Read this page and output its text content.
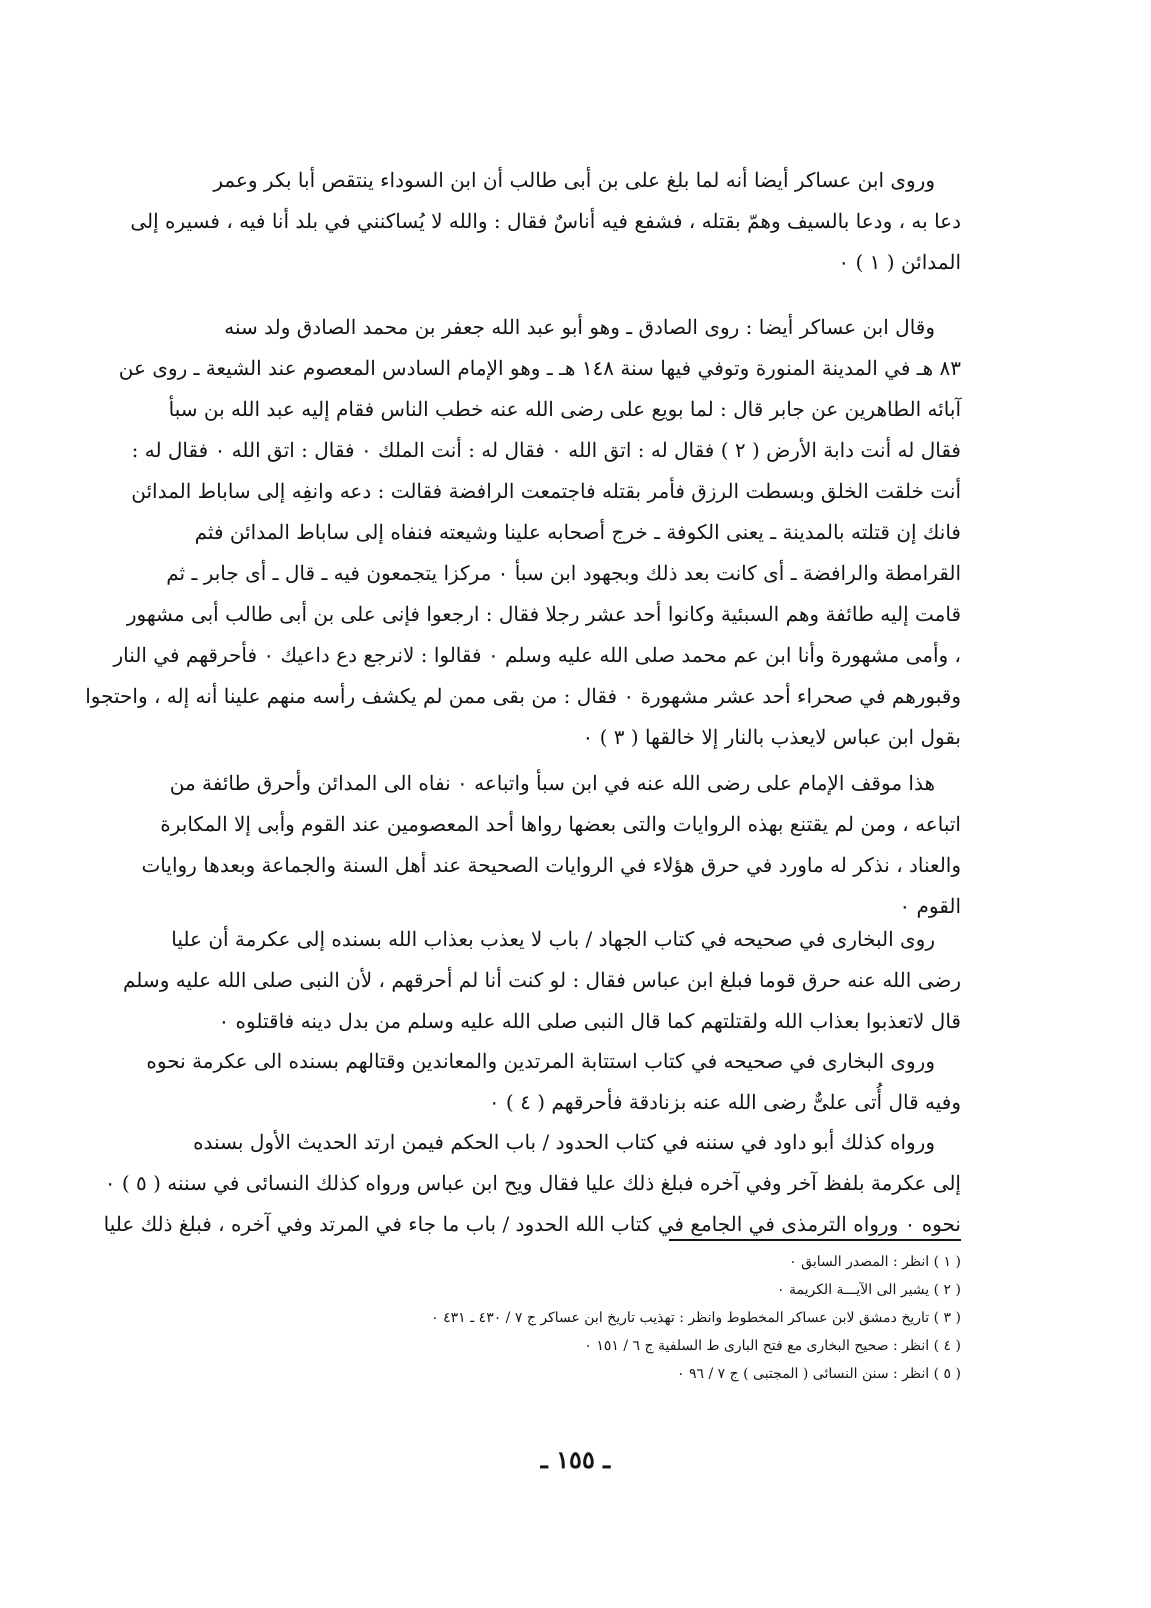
وروى ابن عساكر أيضا أنه لما بلغ على بن أبى طالب أن ابن السوداء ينتقص أبا بكر وعمر
دعا به ، ودعا بالسيف وهمّ بقتله ، فشفع فيه أناسٌ فقال : والله لا يُساكنني في بلد أنا فيه ، فسيره إلى
المدائن ( ١ ) ٠
وقال ابن عساكر أيضا : روى الصادق ـ وهو أبو عبد الله جعفر بن محمد الصادق ولد سنه
٨٣ هـ في المدينة المنورة وتوفي فيها سنة ١٤٨ هـ ـ وهو الإمام السادس المعصوم عند الشيعة ـ روى عن
آبائه الطاهرين عن جابر قال : لما بويع على رضى الله عنه خطب الناس فقام إليه عبد الله بن سبأ
فقال له أنت دابة الأرض ( ٢ ) فقال له : اتق الله ٠ فقال له : أنت الملك ٠ فقال : اتق الله ٠ فقال له :
أنت خلقت الخلق وبسطت الرزق فأمر بقتله فاجتمعت الرافضة فقالت : دعه وانفِه إلى ساباط المدائن
فانك إن قتلته بالمدينة ـ يعنى الكوفة ـ خرج أصحابه علينا وشيعته فنفاه إلى ساباط المدائن فثم
القرامطة والرافضة ـ أى كانت بعد ذلك وبجهود ابن سبأ ٠ مركزا يتجمعون فيه ـ قال ـ أى جابر ـ ثم
قامت إليه طائفة وهم السبئية وكانوا أحد عشر رجلا فقال : ارجعوا فإنى على بن أبى طالب أبى مشهور
، وأمى مشهورة وأنا ابن عم محمد صلى الله عليه وسلم ٠ فقالوا : لانرجع دع داعيك ٠ فأحرقهم في النار
وقبورهم في صحراء أحد عشر مشهورة ٠ فقال : من بقى ممن لم يكشف رأسه منهم علينا أنه إله ، واحتجوا
بقول ابن عباس لايعذب بالنار إلا خالقها ( ٣ ) ٠
هذا موقف الإمام على رضى الله عنه في ابن سبأ واتباعه ٠ نفاه الى المدائن وأحرق طائفة من
اتباعه ، ومن لم يقتنع بهذه الروايات والتى بعضها رواها أحد المعصومين عند القوم وأبى إلا المكابرة
والعناد ، نذكر له ماورد في حرق هؤلاء في الروايات الصحيحة عند أهل السنة والجماعة وبعدها روايات
القوم ٠
روى البخارى في صحيحه في كتاب الجهاد / باب لا يعذب بعذاب الله بسنده إلى عكرمة أن عليا
رضى الله عنه حرق قوما فبلغ ابن عباس فقال : لو كنت أنا لم أحرقهم ، لأن النبى صلى الله عليه وسلم
قال لاتعذبوا بعذاب الله ولقتلتهم كما قال النبى صلى الله عليه وسلم من بدل دينه فاقتلوه ٠
وروى البخارى في صحيحه في كتاب استتابة المرتدين والمعاندين وقتالهم بسنده الى عكرمة نحوه
وفيه قال أُتى علىٌّ رضى الله عنه بزنادقة فأحرقهم ( ٤ ) ٠
ورواه كذلك أبو داود في سننه في كتاب الحدود / باب الحكم فيمن ارتد الحديث الأول بسنده
إلى عكرمة بلفظ آخر وفي آخره فبلغ ذلك عليا فقال ويح ابن عباس ورواه كذلك النسائى في سننه ( ٥ ) ٠
نحوه ٠ ورواه الترمذى في الجامع في كتاب الله الحدود / باب ما جاء في المرتد وفي آخره ، فبلغ ذلك عليا
( ١ ) انظر : المصدر السابق ٠
( ٢ ) يشير الى الآيـــة الكريمة ٠
( ٣ ) تاريخ دمشق لابن عساكر المخطوط وانظر : تهذيب تاريخ ابن عساكر ج ٧ / ٤٣٠ ـ ٤٣١ ٠
( ٤ ) انظر : صحيح البخارى مع فتح البارى ط السلفية ج ٦ / ١٥١ ٠
( ٥ ) انظر : سنن النسائى ( المجتبى ) ج ٧ / ٩٦ ٠
ـ ١٥٥ ـ
